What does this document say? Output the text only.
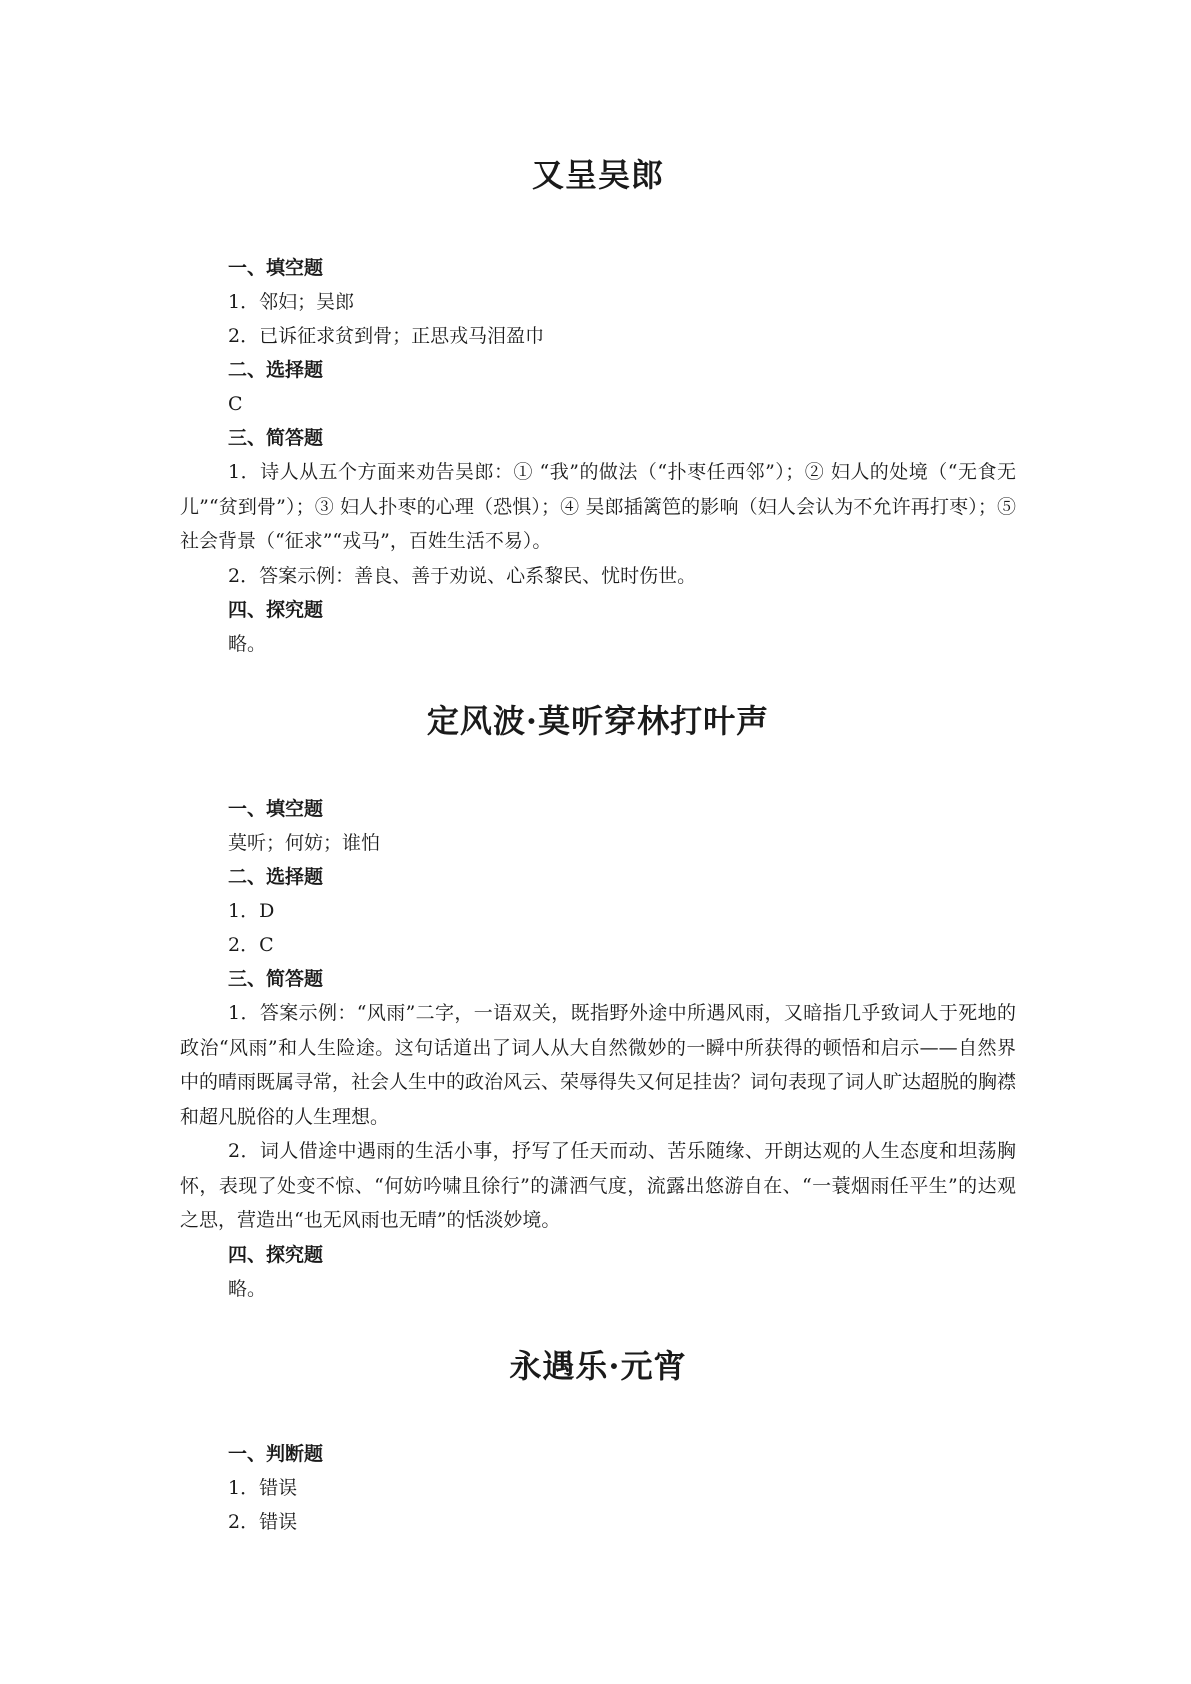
又呈吴郎

一、填空题

1．邻妇；吴郎

2．已诉征求贫到骨；正思戎马泪盈巾

二、选择题

C

三、简答题

1．诗人从五个方面来劝告吴郎：① “我”的做法（“扑枣任西邻”）；② 妇人的处境（“无食无儿”“贫到骨”）；③ 妇人扑枣的心理（恐惧）；④ 吴郎插篱笆的影响（妇人会认为不允许再打枣）；⑤ 社会背景（“征求”“戎马”，百姓生活不易）。

2．答案示例：善良、善于劝说、心系黎民、忧时伤世。

四、探究题

略。

定风波·莫听穿林打叶声

一、填空题

莫听；何妨；谁怕

二、选择题

1．D

2．C

三、简答题

1．答案示例：“风雨”二字，一语双关，既指野外途中所遇风雨，又暗指几乎致词人于死地的政治“风雨”和人生险途。这句话道出了词人从大自然微妙的一瞬中所获得的顿悟和启示——自然界中的晴雨既属寻常，社会人生中的政治风云、荣辱得失又何足挂齿？词句表现了词人旷达超脱的胸襟和超凡脱俗的人生理想。

2．词人借途中遇雨的生活小事，抒写了任天而动、苦乐随缘、开朗达观的人生态度和坦荡胸怀，表现了处变不惊、“何妨吟啸且徐行”的潇洒气度，流露出悠游自在、“一蓑烟雨任平生”的达观之思，营造出“也无风雨也无晴”的恬淡妙境。

四、探究题

略。

永遇乐·元宵

一、判断题

1．错误

2．错误
